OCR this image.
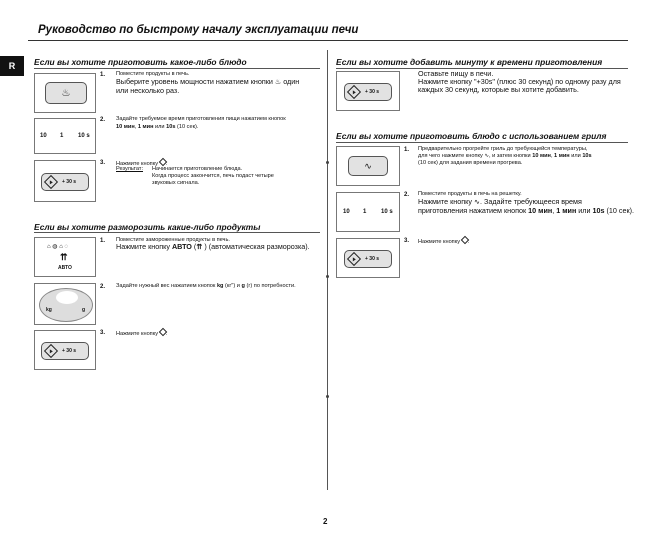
Руководство по быстрому началу эксплуатации печи
R	Если вы хотите приготовить какое-либо блюдо
♨
1. Поместите продукты в печь.
Выберите уровень мощности нажатием кнопки ♨ один
или несколько раз.
10 1 10 s
2. Задайте требуемое время приготовления пищи нажатием кнопок
10 мин, 1 мин или 10s (10 сек).
+ 30 s
3. Нажмите кнопку .
Результат: Начинается приготовление блюда.
Когда процесс закончится, печь подаст четыре
звуковых сигнала.
Если вы хотите разморозить какие-либо продукты
⌂ ◍ ⌂ ◌
⇈
АВТО
1. Поместите замороженные продукты в печь.
Нажмите кнопку АВТО (⇈ ) (автоматическая разморозка).
kg	g
2. Задайте нужный вес нажатием кнопок kg (кг") и g (г) по потребности.
+ 30 s
3. Нажмите кнопку .
Если вы хотите добавить минуту к времени приготовления
+ 30 s
Оставьте пищу в печи.
Нажмите кнопку "+30s" (плюс 30 секунд) по одному разу для
каждых 30 секунд, которые вы хотите добавить.
Если вы хотите приготовить блюдо с использованием гриля
∿
1. Предварительно прогрейте гриль до требующейся температуры,
для чего нажмите кнопку ∿, и затем кнопки 10 мин, 1 мин или 10s
(10 сек) для задания времени прогрева.
10 1 10 s
2. Поместите продукты в печь на решетку.
Нажмите кнопку ∿. Задайте требующееся время
приготовления нажатием кнопок 10 мин, 1 мин или 10s (10 сек).
+ 30 s
3. Нажмите кнопку .
2
